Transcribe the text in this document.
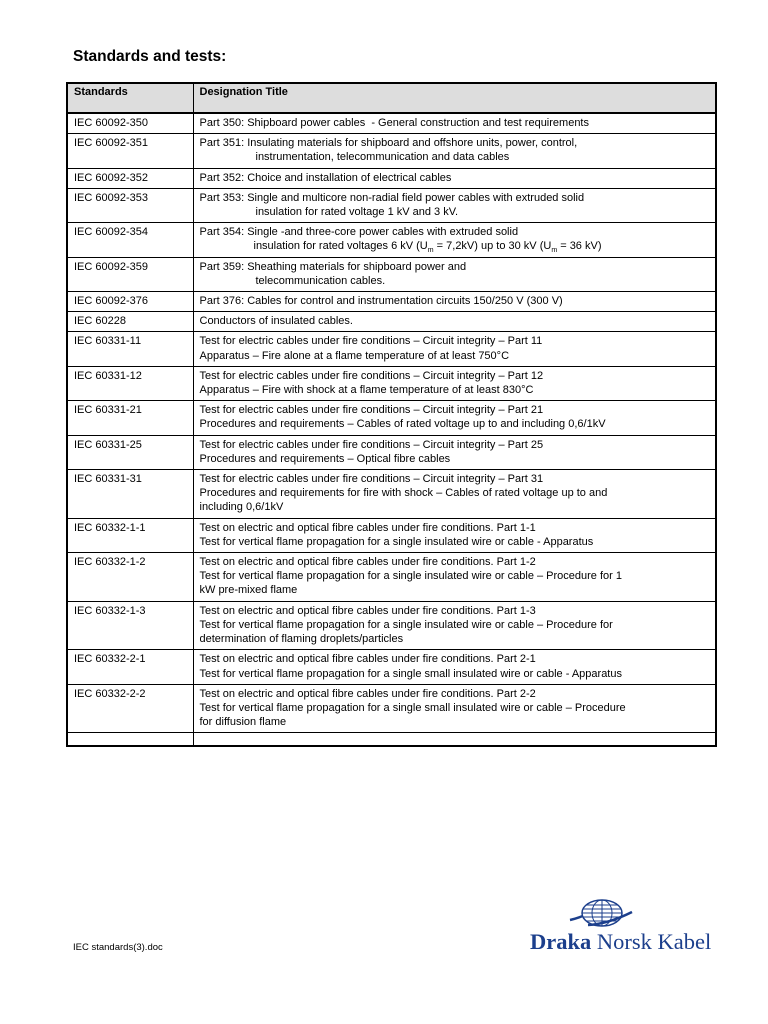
Standards and tests:
Standards	Designation Title
IEC 60092-350	Part 350: Shipboard power cables  - General construction and test requirements

IEC 60092-351	Part 351: Insulating materials for shipboard and offshore units, power, control,
instrumentation, telecommunication and data cables

IEC 60092-352	Part 352: Choice and installation of electrical cables

IEC 60092-353	Part 353: Single and multicore non-radial field power cables with extruded solid
insulation for rated voltage 1 kV and 3 kV.

IEC 60092-354	Part 354: Single -and three-core power cables with extruded solid
insulation for rated voltages 6 kV $(U_m = 7,2kV)$ up to 30 kV ($U_m = 36$ kV)

IEC 60092-359	Part 359: Sheathing materials for shipboard power and
telecommunication cables.

IEC 60092-376	Part 376: Cables for control and instrumentation circuits 150/250 V (300 V)

IEC 60228	Conductors of insulated cables.

IEC 60331-11	Test for electric cables under fire conditions – Circuit integrity – Part 11
Apparatus – Fire alone at a flame temperature of at least 750°C

IEC 60331-12	Test for electric cables under fire conditions – Circuit integrity – Part 12
Apparatus – Fire with shock at a flame temperature of at least 830°C

IEC 60331-21	Test for electric cables under fire conditions – Circuit integrity – Part 21
Procedures and requirements – Cables of rated voltage up to and including 0,6/1kV

IEC 60331-25	Test for electric cables under fire conditions – Circuit integrity – Part 25
Procedures and requirements – Optical fibre cables

IEC 60331-31	Test for electric cables under fire conditions – Circuit integrity – Part 31
Procedures and requirements for fire with shock – Cables of rated voltage up to and
including 0,6/1kV

IEC 60332-1-1	Test on electric and optical fibre cables under fire conditions. Part 1-1
Test for vertical flame propagation for a single insulated wire or cable - Apparatus

IEC 60332-1-2	Test on electric and optical fibre cables under fire conditions. Part 1-2
Test for vertical flame propagation for a single insulated wire or cable – Procedure for 1
kW pre-mixed flame

IEC 60332-1-3	Test on electric and optical fibre cables under fire conditions. Part 1-3
Test for vertical flame propagation for a single insulated wire or cable – Procedure for
determination of flaming droplets/particles

IEC 60332-2-1	Test on electric and optical fibre cables under fire conditions. Part 2-1
Test for vertical flame propagation for a single small insulated wire or cable - Apparatus

IEC 60332-2-2	Test on electric and optical fibre cables under fire conditions. Part 2-2
Test for vertical flame propagation for a single small insulated wire or cable – Procedure
for diffusion flame

IEC standards(3).doc	Draka Norsk Kabel
